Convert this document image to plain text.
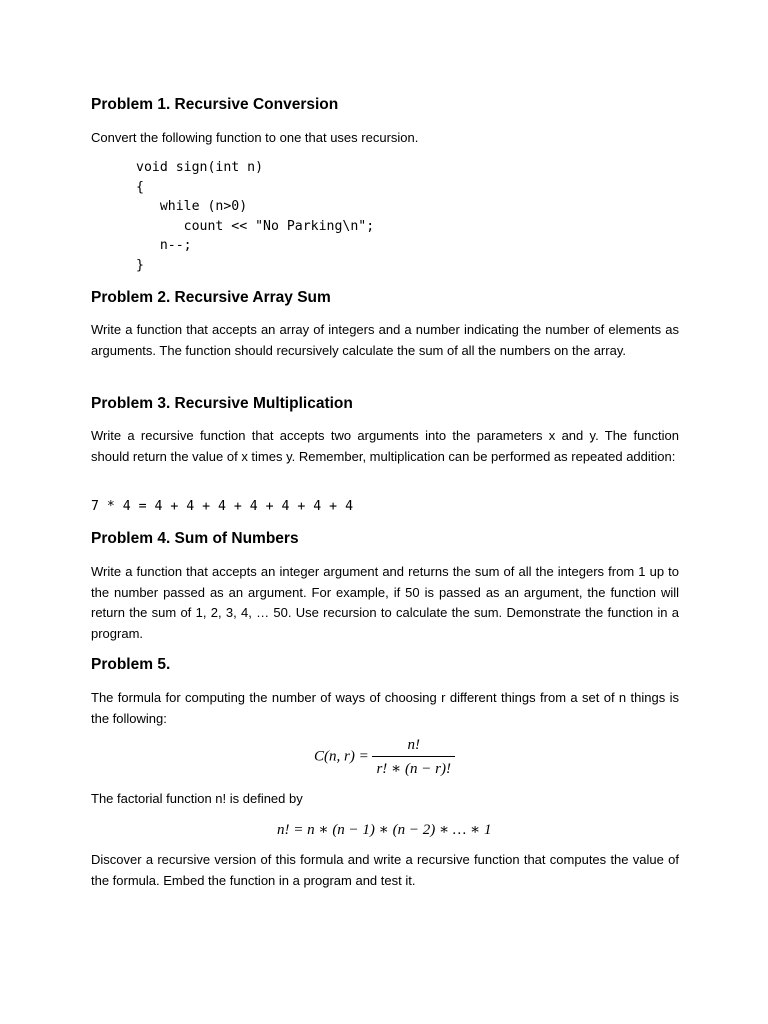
Problem 1. Recursive Conversion

Convert the following function to one that uses recursion.

void sign(int n)
{
while (n>0)
count << "No Parking\n";
n--;
}
Problem 2. Recursive Array Sum

Write a function that accepts an array of integers and a number indicating the number of elements as arguments. The function should recursively calculate the sum of all the numbers on the array.

Problem 3. Recursive Multiplication

Write a recursive function that accepts two arguments into the parameters x and y. The function should return the value of x times y. Remember, multiplication can be performed as repeated addition:

7 * 4 = 4 + 4 + 4 + 4 + 4 + 4 + 4
Problem 4. Sum of Numbers

Write a function that accepts an integer argument and returns the sum of all the integers from 1 up to the number passed as an argument. For example, if 50 is passed as an argument, the function will return the sum of 1, 2, 3, 4, … 50. Use recursion to calculate the sum. Demonstrate the function in a program.

Problem 5.

The formula for computing the number of ways of choosing r different things from a set of n things is the following:

C(n, $r) = \frac{n!}{r! ∗ (n - r)!}$

The factorial function n! is defined by

n! = n ∗ (n − 1) ∗ (n − 2) ∗ … ∗ 1

Discover a recursive version of this formula and write a recursive function that computes the value of the formula. Embed the function in a program and test it.
